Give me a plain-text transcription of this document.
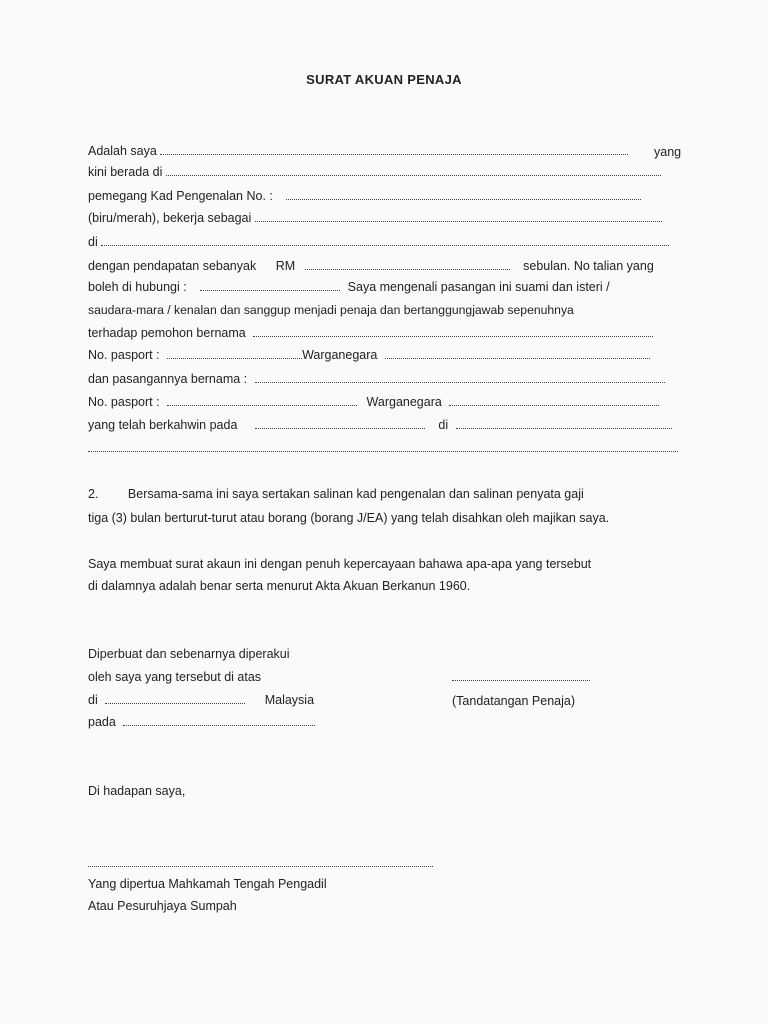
SURAT AKUAN PENAJA
Adalah saya	yang
kini berada di
pemegang Kad Pengenalan No. :
(biru/merah), bekerja sebagai
di
dengan pendapatan sebanyak RM	sebulan. No talian yang
boleh di hubungi :	Saya mengenali pasangan ini suami dan isteri /
saudara-mara / kenalan dan sanggup menjadi penaja dan bertanggungjawab sepenuhnya
terhadap pemohon bernama
No. pasport :	Warganegara
dan pasangannya bernama :
No. pasport :	Warganegara
yang telah berkahwin pada	di
2. Bersama-sama ini saya sertakan salinan kad pengenalan dan salinan penyata gaji
tiga (3) bulan berturut-turut atau borang (borang J/EA) yang telah disahkan oleh majikan saya.
Saya membuat surat akaun ini dengan penuh kepercayaan bahawa apa-apa yang tersebut
di dalamnya adalah benar serta menurut Akta Akuan Berkanun 1960.
Diperbuat dan sebenarnya diperakui
oleh saya yang tersebut di atas
di	Malaysia
pada
(Tandatangan Penaja)
Di hadapan saya,
Yang dipertua Mahkamah Tengah Pengadil
Atau Pesuruhjaya Sumpah
